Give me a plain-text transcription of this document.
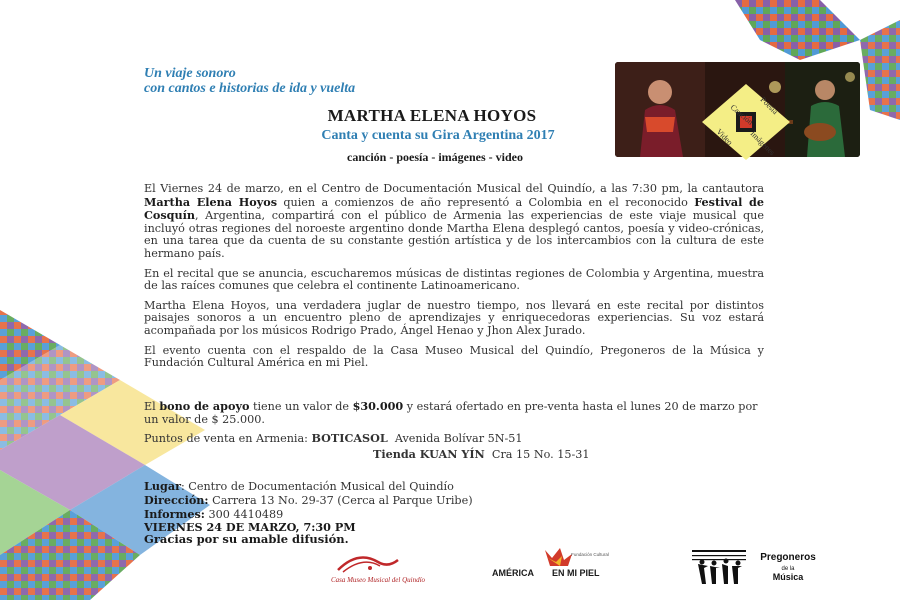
Canción Poesía
Video Imágenes
Un viaje sonoro
con cantos e historias de ida y vuelta
MARTHA ELENA HOYOS
Canta y cuenta su Gira Argentina 2017
canción - poesía - imágenes - video

El Viernes 24 de marzo, en el Centro de Documentación Musical del Quindío, a las 7:30 pm, la cantautora Martha Elena Hoyos quien a comienzos de año representó a Colombia en el reconocido Festival de Cosquín, Argentina, compartirá con el público de Armenia las experiencias de este viaje musical que incluyó otras regiones del noroeste argentino donde Martha Elena desplegó cantos, poesía y video-crónicas, en una tarea que da cuenta de su constante gestión artística y de los intercambios con la cultura de este hermano país.

En el recital que se anuncia, escucharemos músicas de distintas regiones de Colombia y Argentina, muestra de las raíces comunes que celebra el continente Latinoamericano.

Martha Elena Hoyos, una verdadera juglar de nuestro tiempo, nos llevará en este recital por distintos paisajes sonoros a un encuentro pleno de aprendizajes y enriquecedoras experiencias. Su voz estará acompañada por los músicos Rodrigo Prado, Ángel Henao y Jhon Alex Jurado.

El evento cuenta con el respaldo de la Casa Museo Musical del Quindío, Pregoneros de la Música y Fundación Cultural América en mi Piel.

El bono de apoyo tiene un valor de $30.000 y estará ofertado en pre-venta hasta el lunes 20 de marzo por un valor de $ 25.000.
Puntos de venta en Armenia: BOTICASOL  Avenida Bolívar 5N-51
Tienda KUAN YÍN  Cra 15 No. 15-31
Lugar: Centro de Documentación Musical del Quindío
Dirección: Carrera 13 No. 29-37 (Cerca al Parque Uribe)
Informes: 300 4410489
VIERNES 24 DE MARZO, 7:30 PM
Gracias por su amable difusión.
Casa Museo Musical del Quindío
Fundación Cultural
AMÉRICA EN MI PIEL
Pregoneros
de la
Música
